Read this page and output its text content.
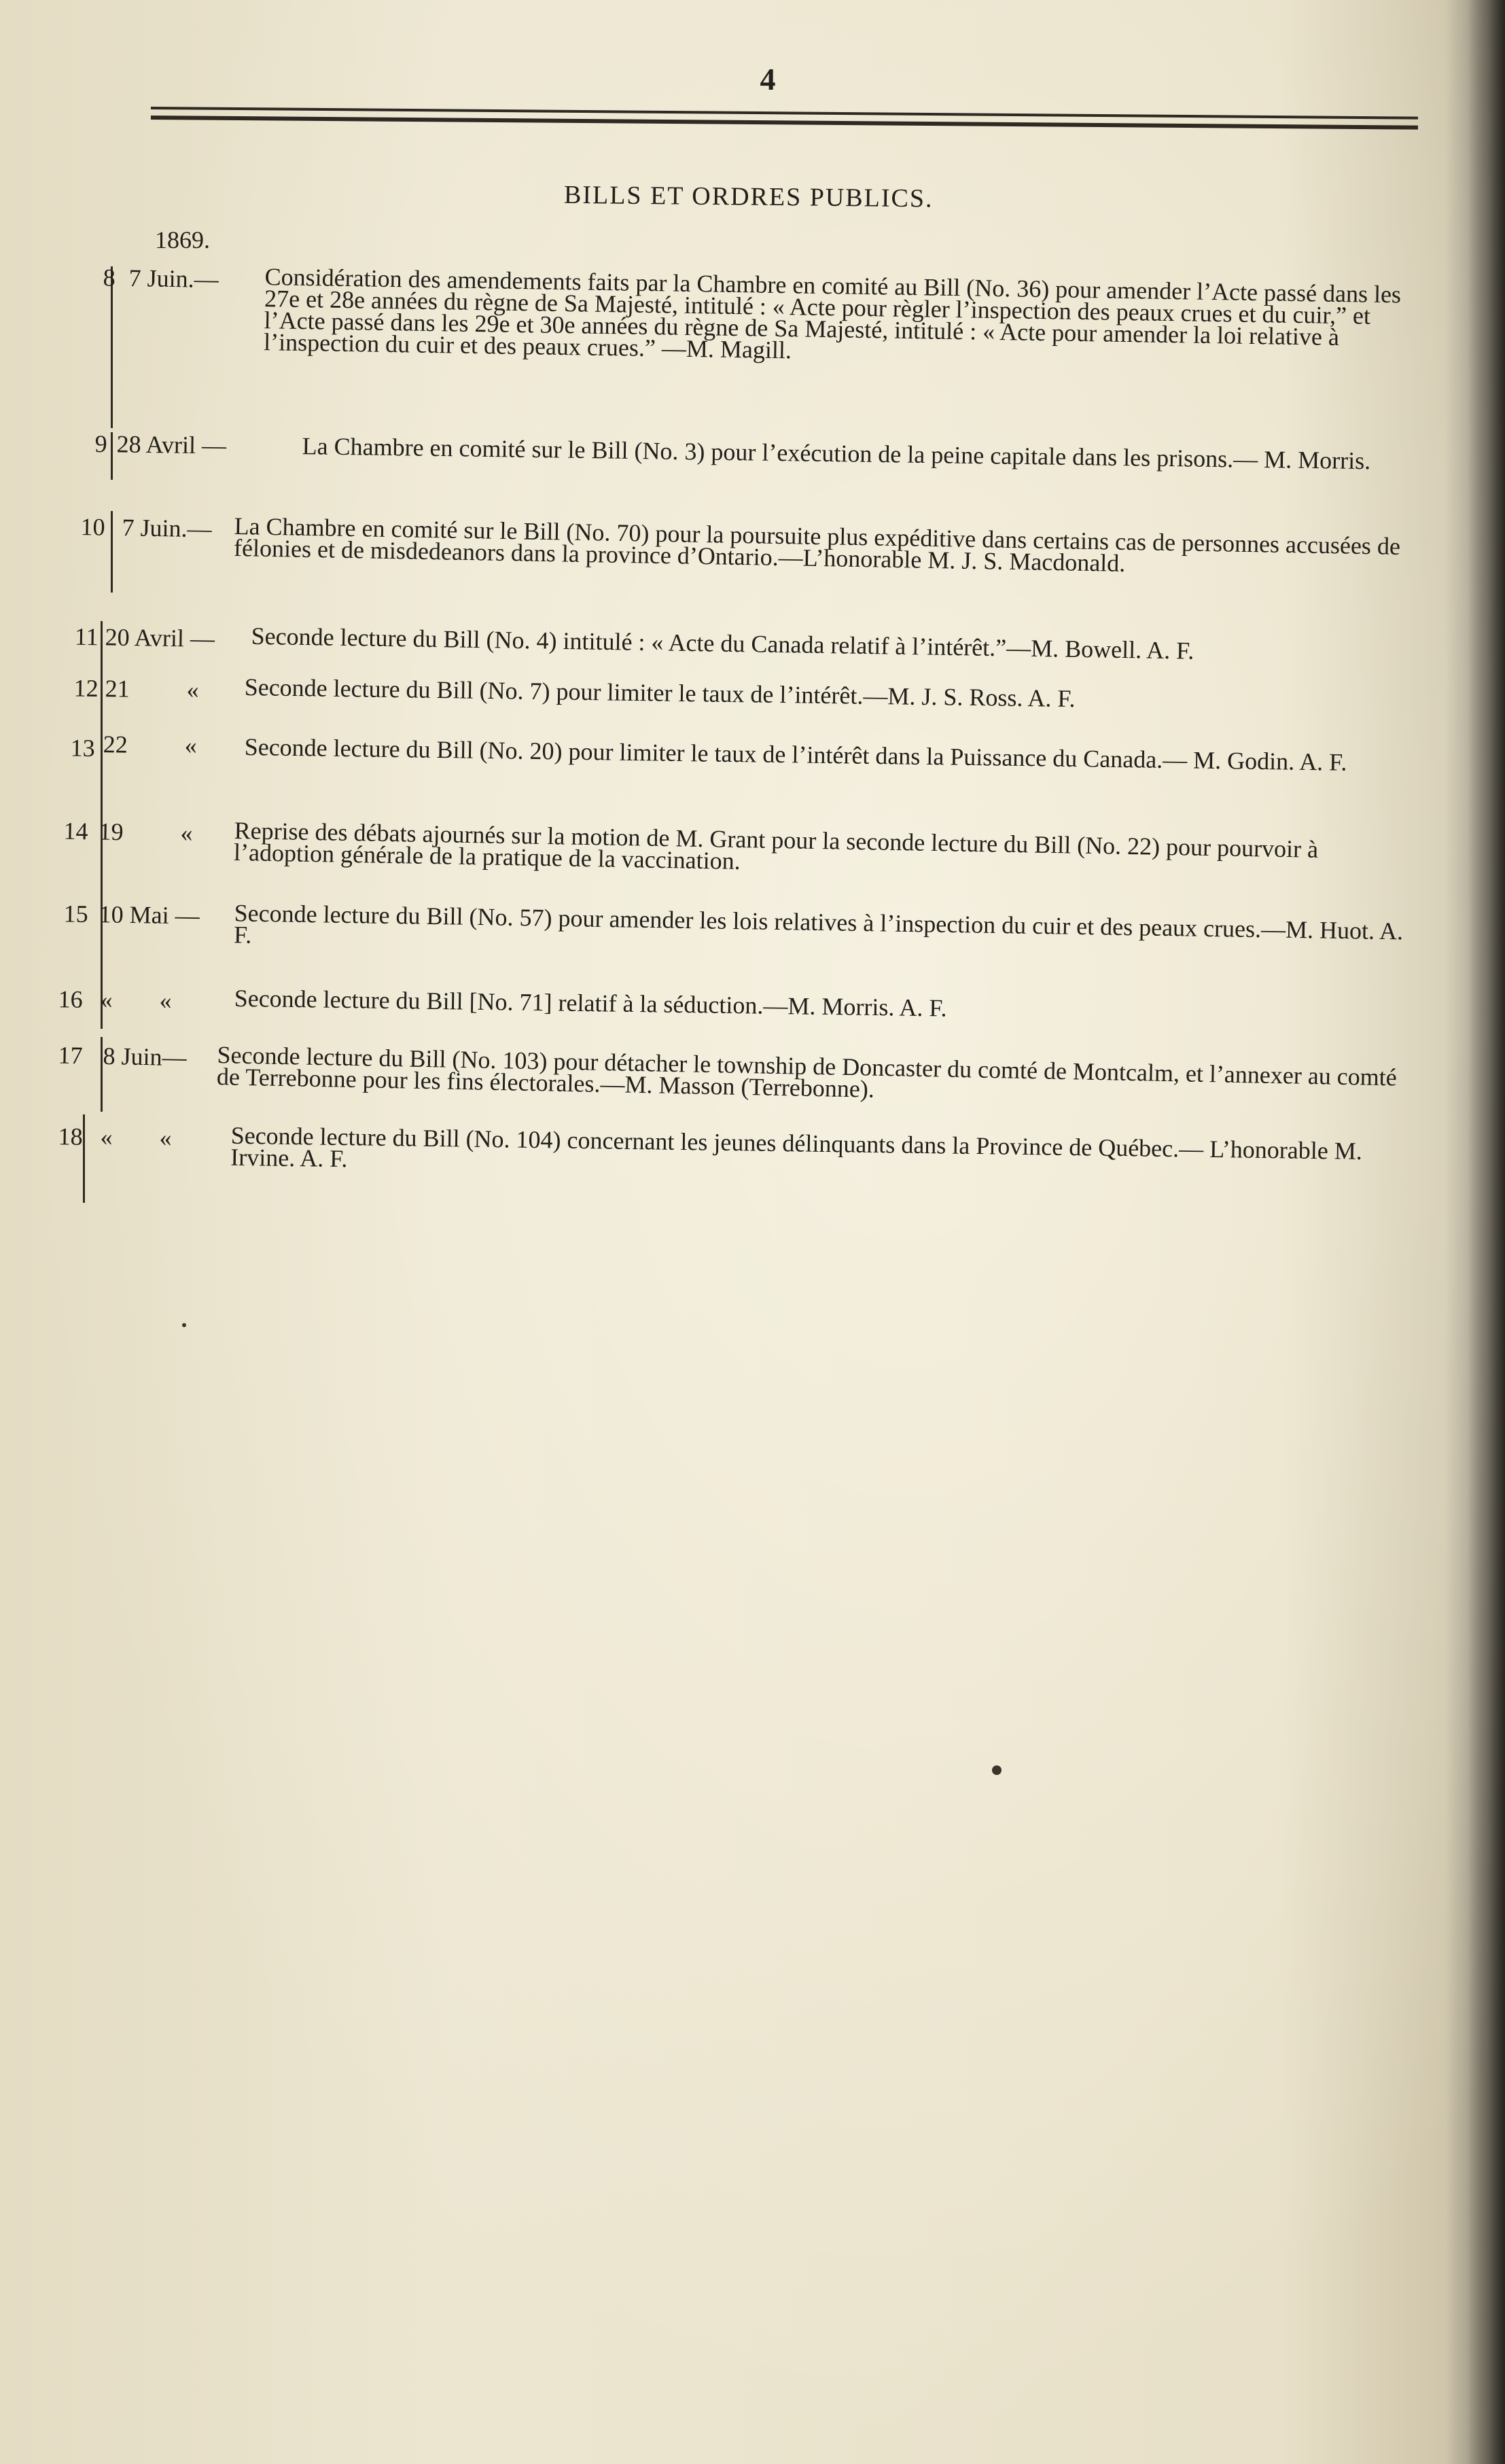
4
BILLS ET ORDRES PUBLICS.
1869.
8 7 Juin.— Considération des amendements faits par la Chambre en comité au Bill (No. 36) pour amender l’Acte passé dans les 27e et 28e années du règne de Sa Majesté, intitulé : « Acte pour règler l’inspection des peaux crues et du cuir,” et l’Acte passé dans les 29e et 30e années du règne de Sa Majesté, intitulé : « Acte pour amender la loi relative à l’inspection du cuir et des peaux crues.” —M. Magill.
9 28 Avril —	La Chambre en comité sur le Bill (No. 3) pour l’exécution de la peine capitale dans les prisons.— M. Morris.
10 7 Juin.— La Chambre en comité sur le Bill (No. 70) pour la poursuite plus expéditive dans certains cas de personnes accusées de félonies et de misdedeanors dans la province d’Ontario.—L’honorable M. J. S. Macdonald.
11 20 Avril — Seconde lecture du Bill (No. 4) intitulé : « Acte du Canada relatif à l’intérêt.”—M. Bowell. A. F.
12 21 « Seconde lecture du Bill (No. 7) pour limiter le taux de l’intérêt.—M. J. S. Ross. A. F.
13 22 « Seconde lecture du Bill (No. 20) pour limiter le taux de l’intérêt dans la Puissance du Canada.— M. Godin. A. F.
14 19 « Reprise des débats ajournés sur la motion de M. Grant pour la seconde lecture du Bill (No. 22) pour pourvoir à l’adoption générale de la pratique de la vaccination.
15 10 Mai — Seconde lecture du Bill (No. 57) pour amender les lois relatives à l’inspection du cuir et des peaux crues.—M. Huot. A. F.
16 « «	Seconde lecture du Bill [No. 71] relatif à la séduction.—M. Morris. A. F.
17 8 Juin— Seconde lecture du Bill (No. 103) pour détacher le township de Doncaster du comté de Montcalm, et l’annexer au comté de Terrebonne pour les fins électorales.—M. Masson (Terrebonne).
18 « « Seconde lecture du Bill (No. 104) concernant les jeunes délinquants dans la Province de Québec.— L’honorable M. Irvine. A. F.
